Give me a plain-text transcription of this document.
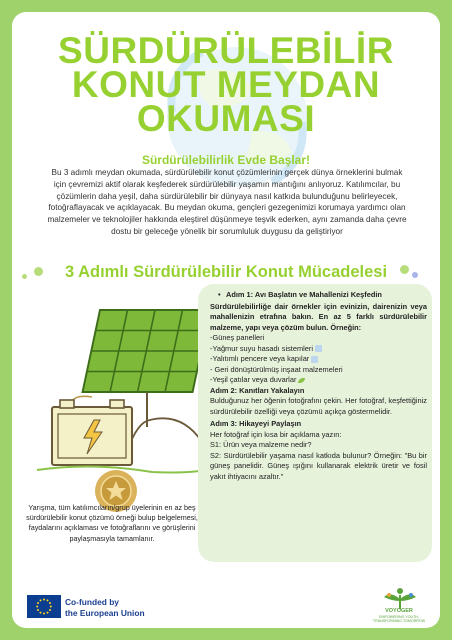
SÜRDÜRÜLEBİLİR
KONUT MEYDAN
OKUMASI
Sürdürülebilirlik Evde Başlar!
Bu 3 adımlı meydan okumada, sürdürülebilir konut çözümlerinin gerçek dünya örneklerini bulmak için çevremizi aktif olarak keşfederek sürdürülebilir yaşamın mantığını anlıyoruz. Katılımcılar, bu çözümlerin daha yeşil, daha sürdürülebilir bir dünyaya nasıl katkıda bulunduğunu belirleyecek, fotoğraflayacak ve açıklayacak. Bu meydan okuma, gençleri gezegenimizi korumaya yardımcı olan malzemeler ve teknolojiler hakkında eleştirel düşünmeye teşvik ederken, aynı zamanda daha çevre dostu bir geleceğe yönelik bir sorumluluk duygusu da geliştiriyor
3 Adımlı Sürdürülebilir Konut Mücadelesi
Yarışma, tüm katılımcıların/grup üyelerinin en az beş sürdürülebilir konut çözümü örneği bulup belgelemesi, faydalarını açıklaması ve fotoğraflarını ve görüşlerini paylaşmasıyla tamamlanır.
• Adım 1: Avı Başlatın ve Mahallenizi Keşfedin
Sürdürülebilirliğe dair örnekler için evinizin, dairenizin veya mahallenizin etrafına bakın. En az 5 farklı sürdürülebilir malzeme, yapı veya çözüm bulun. Örneğin:
-Güneş panelleri
-Yağmur suyu hasadı sistemleri
-Yalıtımlı pencere veya kapılar
- Geri dönüştürülmüş inşaat malzemeleri
-Yeşil çatılar veya duvarlar
Adım 2: Kanıtları Yakalayın
Bulduğunuz her öğenin fotoğrafını çekin. Her fotoğraf, keşfettiğiniz sürdürülebilir özelliği veya çözümü açıkça göstermelidir.
Adım 3: Hikayeyi Paylaşın
Her fotoğraf için kısa bir açıklama yazın:
S1: Ürün veya malzeme nedir?
S2: Sürdürülebilir yaşama nasıl katkıda bulunur? Örneğin: "Bu bir güneş panelidir. Güneş ışığını kullanarak elektrik üretir ve fosil yakıt ihtiyacını azaltır."
Co-funded by
the European Union	VOYOGER
EMPOWERING YOUTH, TRANSFORMING TOMORROW
